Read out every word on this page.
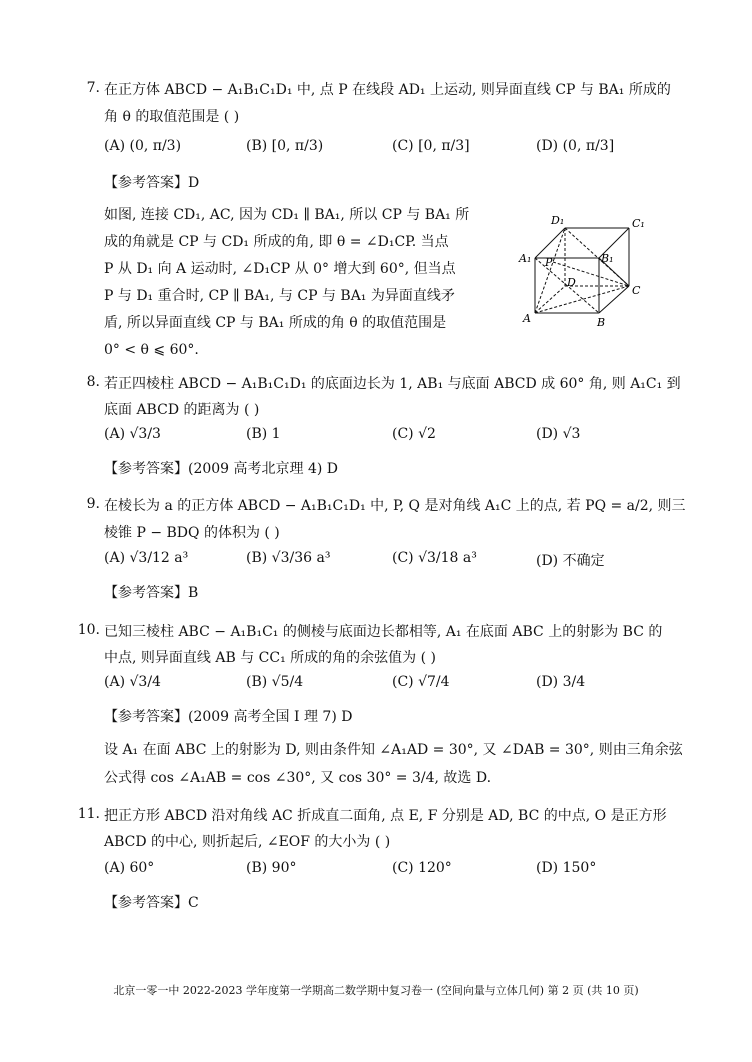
7. 在正方体 ABCD − A₁B₁C₁D₁ 中, 点 P 在线段 AD₁ 上运动, 则异面直线 CP 与 BA₁ 所成的
角 θ 的取值范围是 ( )
(A) (0, π/3)	(B) [0, π/3)	(C) [0, π/3]	(D) (0, π/3]
【参考答案】D
如图, 连接 CD₁, AC, 因为 CD₁ ∥ BA₁, 所以 CP 与 BA₁ 所
成的角就是 CP 与 CD₁ 所成的角, 即 θ = ∠D₁CP. 当点
P 从 D₁ 向 A 运动时, ∠D₁CP 从 0° 增大到 60°, 但当点
P 与 D₁ 重合时, CP ∥ BA₁, 与 CP 与 BA₁ 为异面直线矛
盾, 所以异面直线 CP 与 BA₁ 所成的角 θ 的取值范围是
0° < θ ⩽ 60°.
D₁	C₁
A₁	B₁
P
D
C
A	B
8. 若正四棱柱 ABCD − A₁B₁C₁D₁ 的底面边长为 1, AB₁ 与底面 ABCD 成 60° 角, 则 A₁C₁ 到
底面 ABCD 的距离为 ( )
(A) √3/3	(B) 1	(C) √2	(D) √3
【参考答案】(2009 高考北京理 4) D
9. 在棱长为 a 的正方体 ABCD − A₁B₁C₁D₁ 中, P, Q 是对角线 A₁C 上的点, 若 PQ = a/2, 则三
棱锥 P − BDQ 的体积为 ( )
(A) √3/12 a³	(B) √3/36 a³	(C) √3/18 a³	(D) 不确定
【参考答案】B
10. 已知三棱柱 ABC − A₁B₁C₁ 的侧棱与底面边长都相等, A₁ 在底面 ABC 上的射影为 BC 的
中点, 则异面直线 AB 与 CC₁ 所成的角的余弦值为 ( )
(A) √3/4	(B) √5/4	(C) √7/4	(D) 3/4
【参考答案】(2009 高考全国 I 理 7) D
设 A₁ 在面 ABC 上的射影为 D, 则由条件知 ∠A₁AD = 30°, 又 ∠DAB = 30°, 则由三角余弦
公式得 cos ∠A₁AB = cos ∠30°, 又 cos 30° = 3/4, 故选 D.
11. 把正方形 ABCD 沿对角线 AC 折成直二面角, 点 E, F 分别是 AD, BC 的中点, O 是正方形
ABCD 的中心, 则折起后, ∠EOF 的大小为 ( )
(A) 60°	(B) 90°	(C) 120°	(D) 150°
【参考答案】C
北京一零一中 2022-2023 学年度第一学期高二数学期中复习卷一 (空间向量与立体几何) 第 2 页 (共 10 页)
